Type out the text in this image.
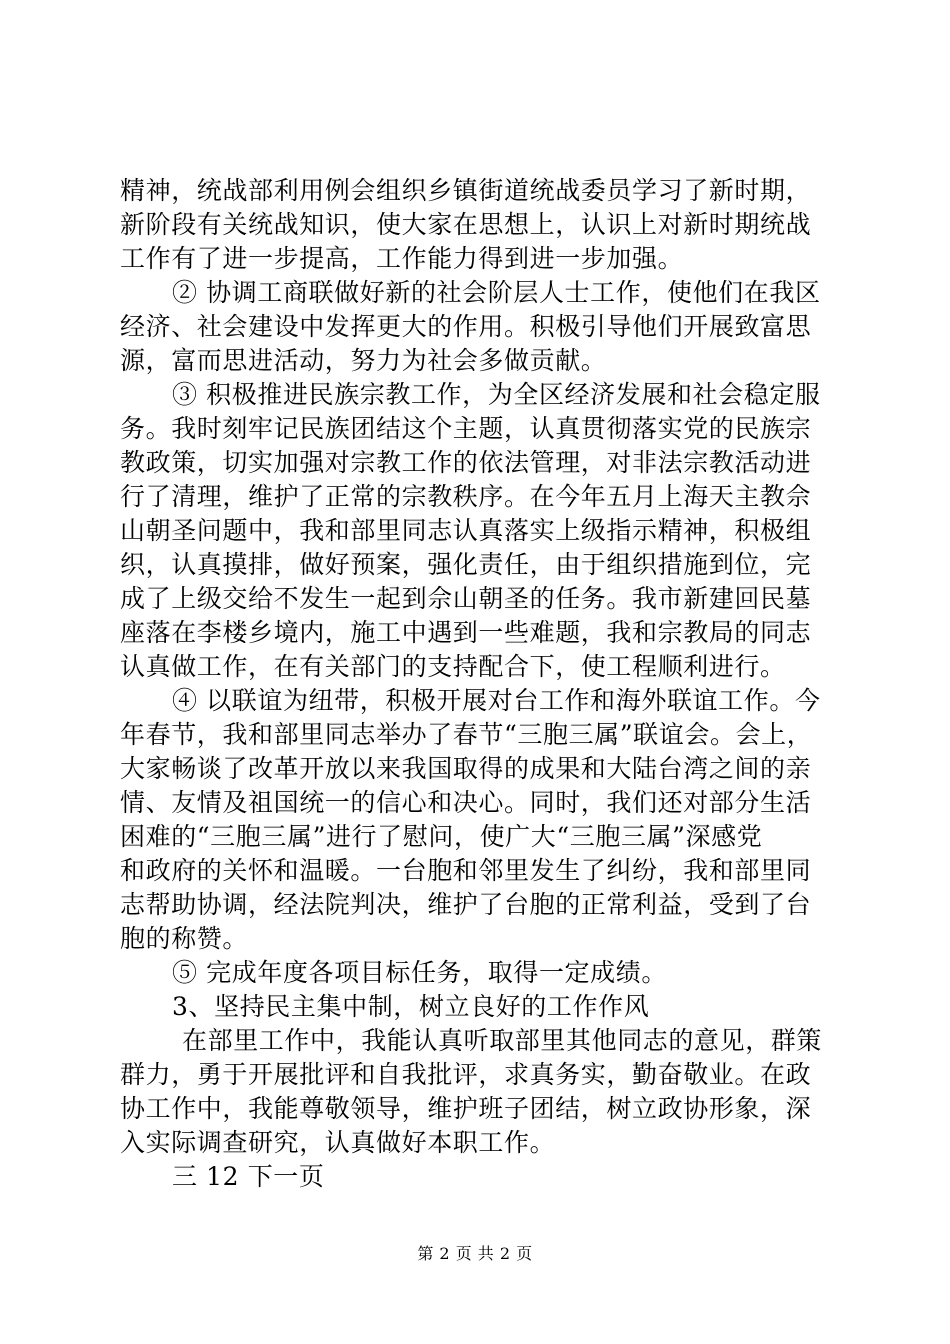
精神，统战部利用例会组织乡镇街道统战委员学习了新时期，
新阶段有关统战知识，使大家在思想上，认识上对新时期统战
工作有了进一步提高，工作能力得到进一步加强。
② 协调工商联做好新的社会阶层人士工作，使他们在我区
经济、社会建设中发挥更大的作用。积极引导他们开展致富思
源，富而思进活动，努力为社会多做贡献。
③ 积极推进民族宗教工作，为全区经济发展和社会稳定服
务。我时刻牢记民族团结这个主题，认真贯彻落实党的民族宗
教政策，切实加强对宗教工作的依法管理，对非法宗教活动进
行了清理，维护了正常的宗教秩序。在今年五月上海天主教佘
山朝圣问题中，我和部里同志认真落实上级指示精神，积极组
织，认真摸排，做好预案，强化责任，由于组织措施到位，完
成了上级交给不发生一起到佘山朝圣的任务。我市新建回民墓
座落在李楼乡境内，施工中遇到一些难题，我和宗教局的同志
认真做工作，在有关部门的支持配合下，使工程顺利进行。
④ 以联谊为纽带，积极开展对台工作和海外联谊工作。今
年春节，我和部里同志举办了春节“三胞三属”联谊会。会上，
大家畅谈了改革开放以来我国取得的成果和大陆台湾之间的亲
情、友情及祖国统一的信心和决心。同时，我们还对部分生活
困难的“三胞三属”进行了慰问，使广大“三胞三属”深感党
和政府的关怀和温暖。一台胞和邻里发生了纠纷，我和部里同
志帮助协调，经法院判决，维护了台胞的正常利益，受到了台
胞的称赞。
⑤ 完成年度各项目标任务，取得一定成绩。
3、坚持民主集中制，树立良好的工作作风
在部里工作中，我能认真听取部里其他同志的意见，群策
群力，勇于开展批评和自我批评，求真务实，勤奋敬业。在政
协工作中，我能尊敬领导，维护班子团结，树立政协形象，深
入实际调查研究，认真做好本职工作。
三 12 下一页
第 2 页 共 2 页
